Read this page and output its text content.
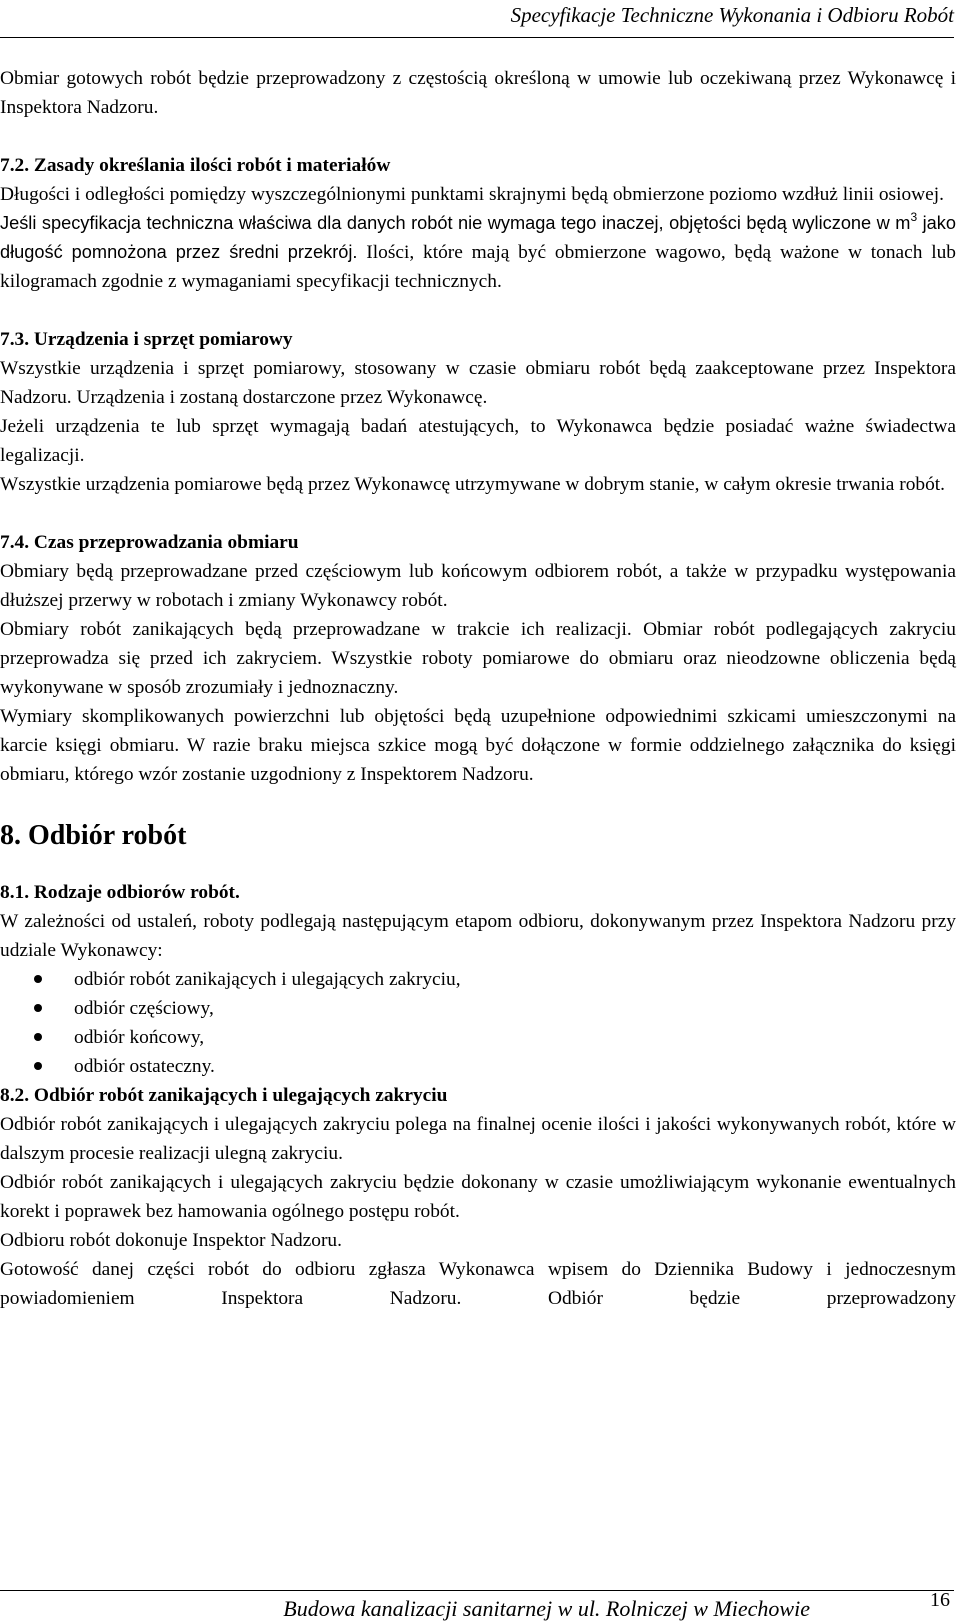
Specyfikacje Techniczne Wykonania i Odbioru Robót

Obmiar gotowych robót będzie przeprowadzony z częstością określoną w umowie lub oczekiwaną przez Wykonawcę i Inspektora Nadzoru.

7.2. Zasady określania ilości robót i materiałów

Długości i odległości pomiędzy wyszczególnionymi punktami skrajnymi będą obmierzone poziomo wzdłuż linii osiowej.

Jeśli specyfikacja techniczna właściwa dla danych robót nie wymaga tego inaczej, objętości będą wyliczone w $m^3$ jako długość pomnożona przez średni przekrój. Ilości, które mają być obmierzone wagowo, będą ważone w tonach lub kilogramach zgodnie z wymaganiami specyfikacji technicznych.

7.3. Urządzenia i sprzęt pomiarowy

Wszystkie urządzenia i sprzęt pomiarowy, stosowany w czasie obmiaru robót będą zaakceptowane przez Inspektora Nadzoru. Urządzenia i zostaną dostarczone przez Wykonawcę.

Jeżeli urządzenia te lub sprzęt wymagają badań atestujących, to Wykonawca będzie posiadać ważne świadectwa legalizacji.

Wszystkie urządzenia pomiarowe będą przez Wykonawcę utrzymywane w dobrym stanie, w całym okresie trwania robót.

7.4. Czas przeprowadzania obmiaru

Obmiary będą przeprowadzane przed częściowym lub końcowym odbiorem robót, a także w przypadku występowania dłuższej przerwy w robotach i zmiany Wykonawcy robót.

Obmiary robót zanikających będą przeprowadzane w trakcie ich realizacji. Obmiar robót podlegających zakryciu przeprowadza się przed ich zakryciem. Wszystkie roboty pomiarowe do obmiaru oraz nieodzowne obliczenia będą wykonywane w sposób zrozumiały i jednoznaczny.

Wymiary skomplikowanych powierzchni lub objętości będą uzupełnione odpowiednimi szkicami umieszczonymi na karcie księgi obmiaru. W razie braku miejsca szkice mogą być dołączone w formie oddzielnego załącznika do księgi obmiaru, którego wzór zostanie uzgodniony z Inspektorem Nadzoru.

8. Odbiór robót

8.1. Rodzaje odbiorów robót.

W zależności od ustaleń, roboty podlegają następującym etapom odbioru, dokonywanym przez Inspektora Nadzoru przy udziale Wykonawcy:

odbiór robót zanikających i ulegających zakryciu,
odbiór częściowy,
odbiór końcowy,
odbiór ostateczny.

8.2. Odbiór robót zanikających i ulegających zakryciu

Odbiór robót zanikających i ulegających zakryciu polega na finalnej ocenie ilości i jakości wykonywanych robót, które w dalszym procesie realizacji ulegną zakryciu.

Odbiór robót zanikających i ulegających zakryciu będzie dokonany w czasie umożliwiającym wykonanie ewentualnych korekt i poprawek bez hamowania ogólnego postępu robót.

Odbioru robót dokonuje Inspektor Nadzoru.

Gotowość danej części robót do odbioru zgłasza Wykonawca wpisem do Dziennika Budowy i jednoczesnym powiadomieniem Inspektora Nadzoru. Odbiór będzie przeprowadzony

Budowa kanalizacji sanitarnej w ul. Rolniczej w Miechowie	16
